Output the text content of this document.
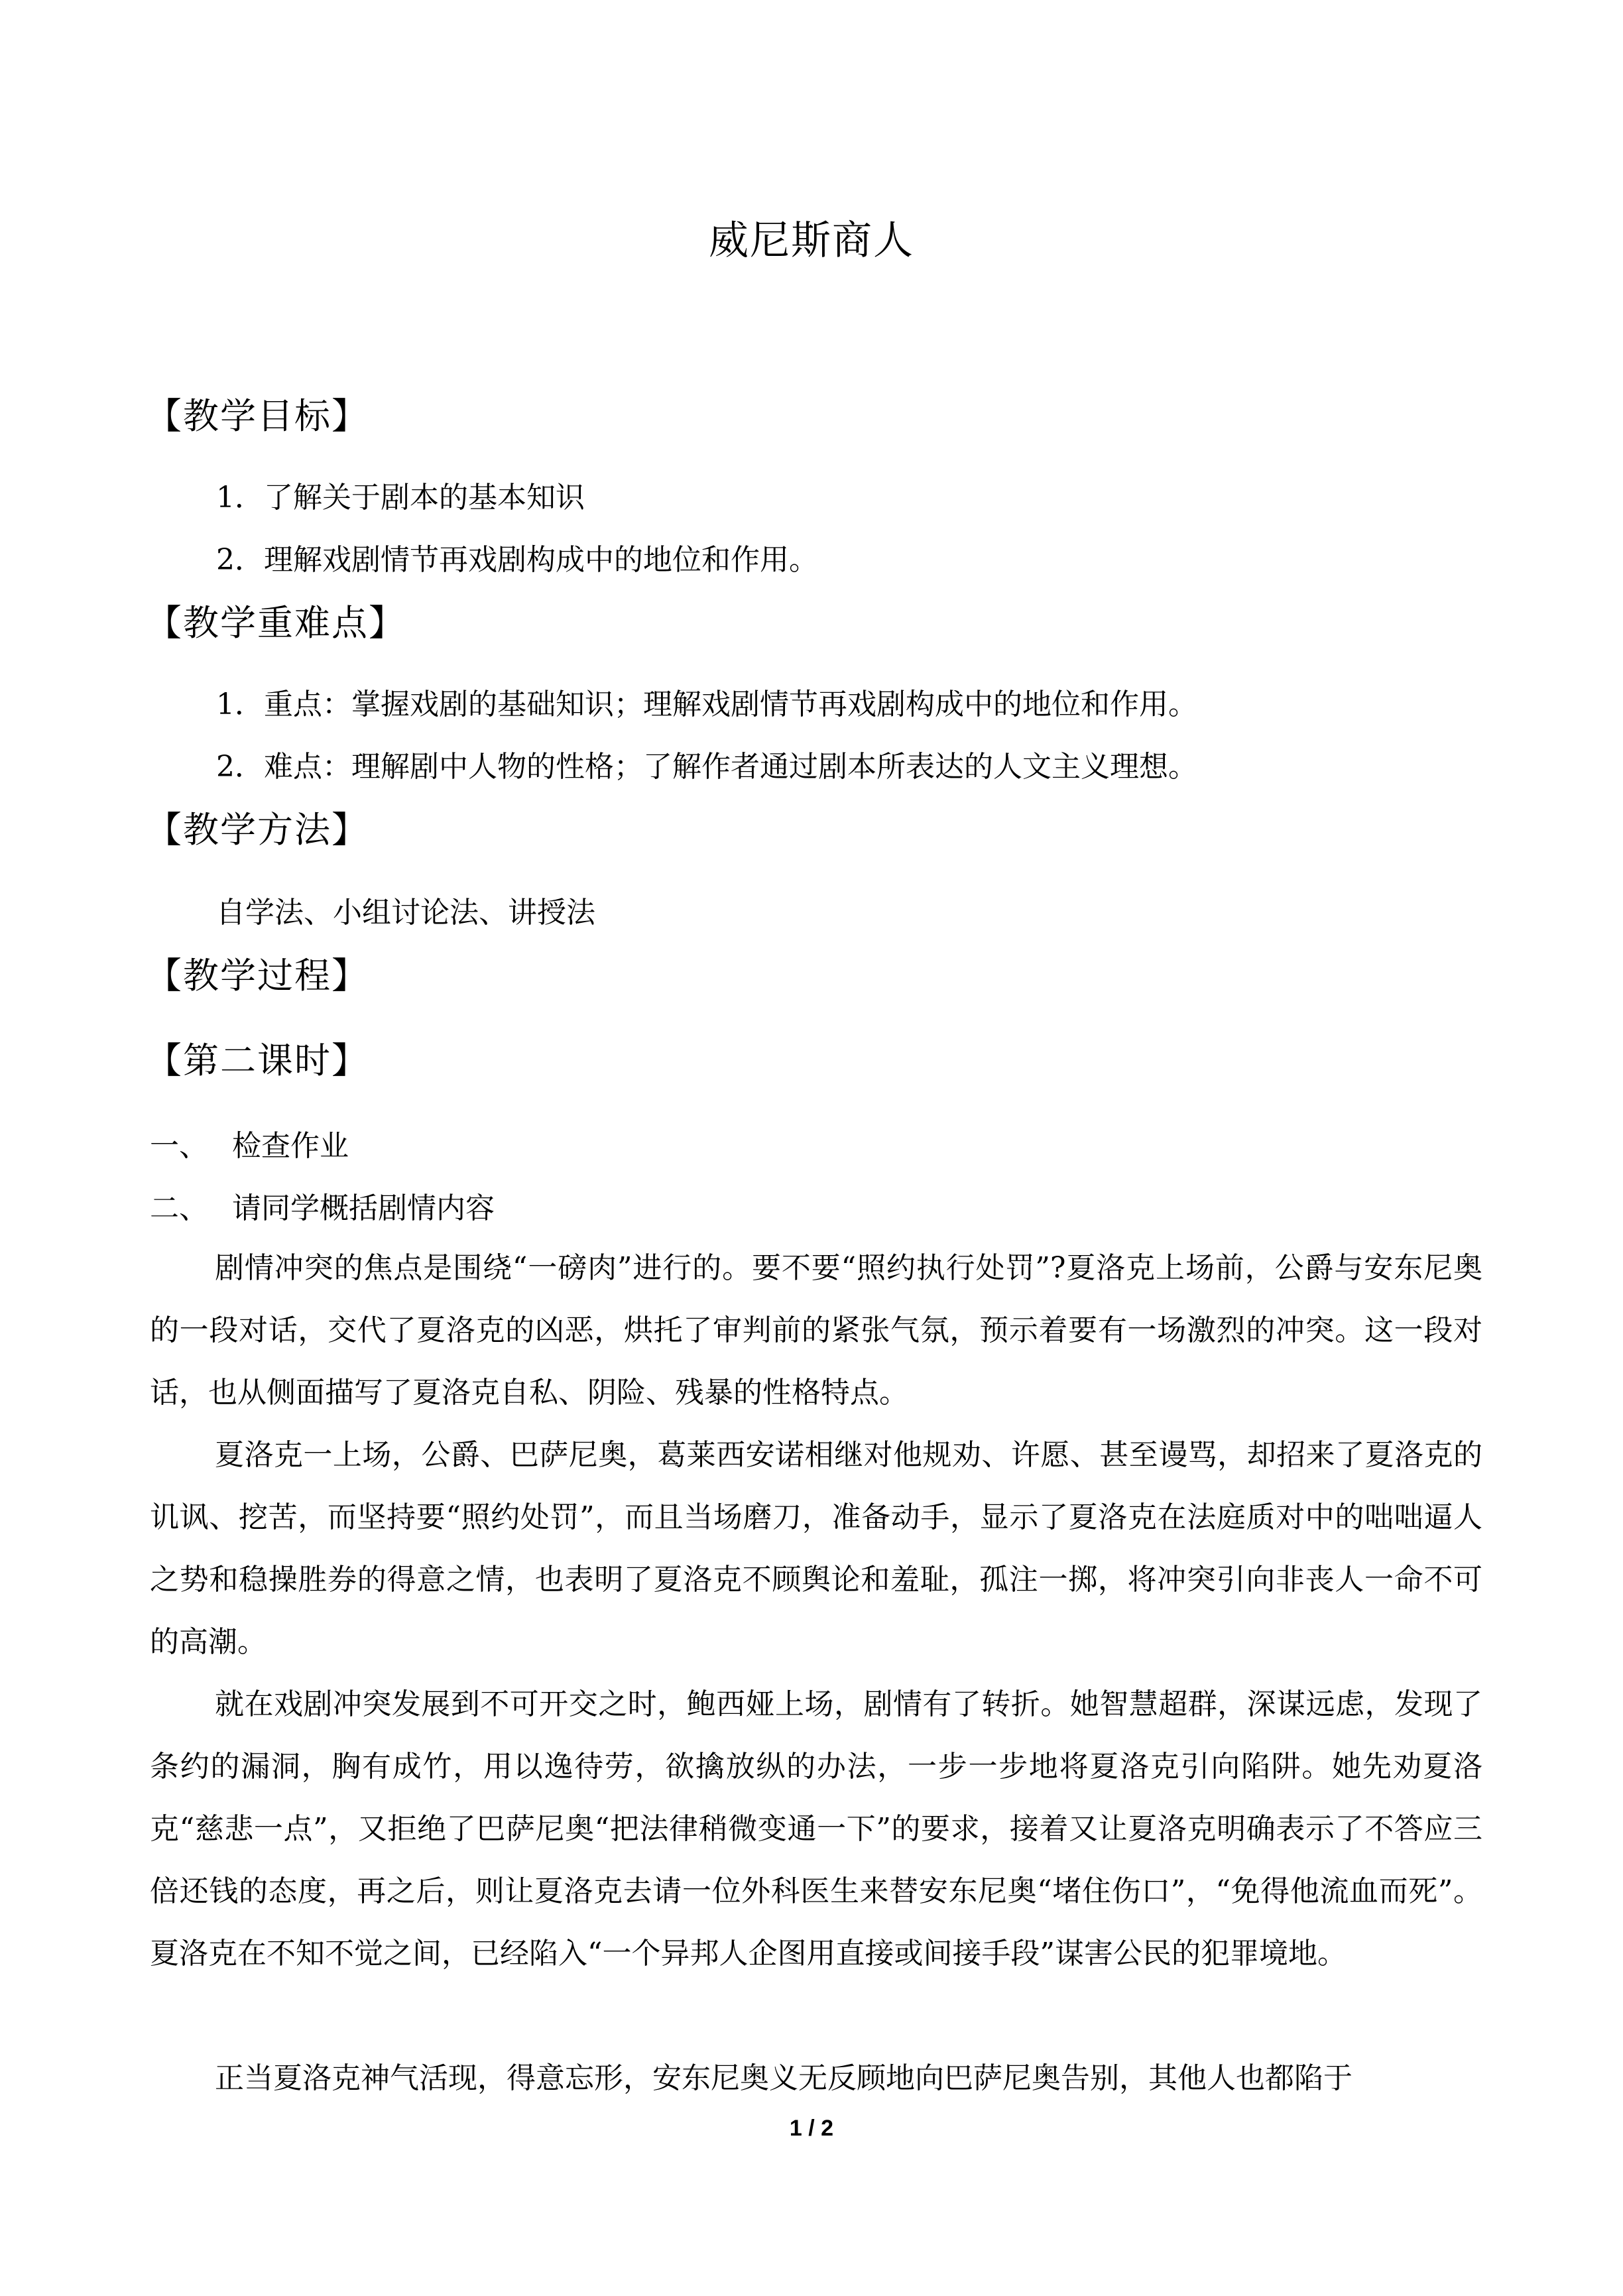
威尼斯商人
【教学目标】
1．了解关于剧本的基本知识
2．理解戏剧情节再戏剧构成中的地位和作用。
【教学重难点】
1．重点：掌握戏剧的基础知识；理解戏剧情节再戏剧构成中的地位和作用。
2．难点：理解剧中人物的性格；了解作者通过剧本所表达的人文主义理想。
【教学方法】
自学法、小组讨论法、讲授法
【教学过程】
【第二课时】
一、 检查作业
二、 请同学概括剧情内容

剧情冲突的焦点是围绕“一磅肉”进行的。要不要“照约执行处罚”?夏洛克上场前，公爵与安东尼奥的一段对话，交代了夏洛克的凶恶，烘托了审判前的紧张气氛，预示着要有一场激烈的冲突。这一段对话，也从侧面描写了夏洛克自私、阴险、残暴的性格特点。

夏洛克一上场，公爵、巴萨尼奥，葛莱西安诺相继对他规劝、许愿、甚至谩骂，却招来了夏洛克的讥讽、挖苦，而坚持要“照约处罚”，而且当场磨刀，准备动手，显示了夏洛克在法庭质对中的咄咄逼人之势和稳操胜券的得意之情，也表明了夏洛克不顾舆论和羞耻，孤注一掷，将冲突引向非丧人一命不可的高潮。

就在戏剧冲突发展到不可开交之时，鲍西娅上场，剧情有了转折。她智慧超群，深谋远虑，发现了条约的漏洞，胸有成竹，用以逸待劳，欲擒放纵的办法，一步一步地将夏洛克引向陷阱。她先劝夏洛克“慈悲一点”，又拒绝了巴萨尼奥“把法律稍微变通一下”的要求，接着又让夏洛克明确表示了不答应三倍还钱的态度，再之后，则让夏洛克去请一位外科医生来替安东尼奥“堵住伤口”，“免得他流血而死”。夏洛克在不知不觉之间，已经陷入“一个异邦人企图用直接或间接手段”谋害公民的犯罪境地。

正当夏洛克神气活现，得意忘形，安东尼奥义无反顾地向巴萨尼奥告别，其他人也都陷于

1 / 2
